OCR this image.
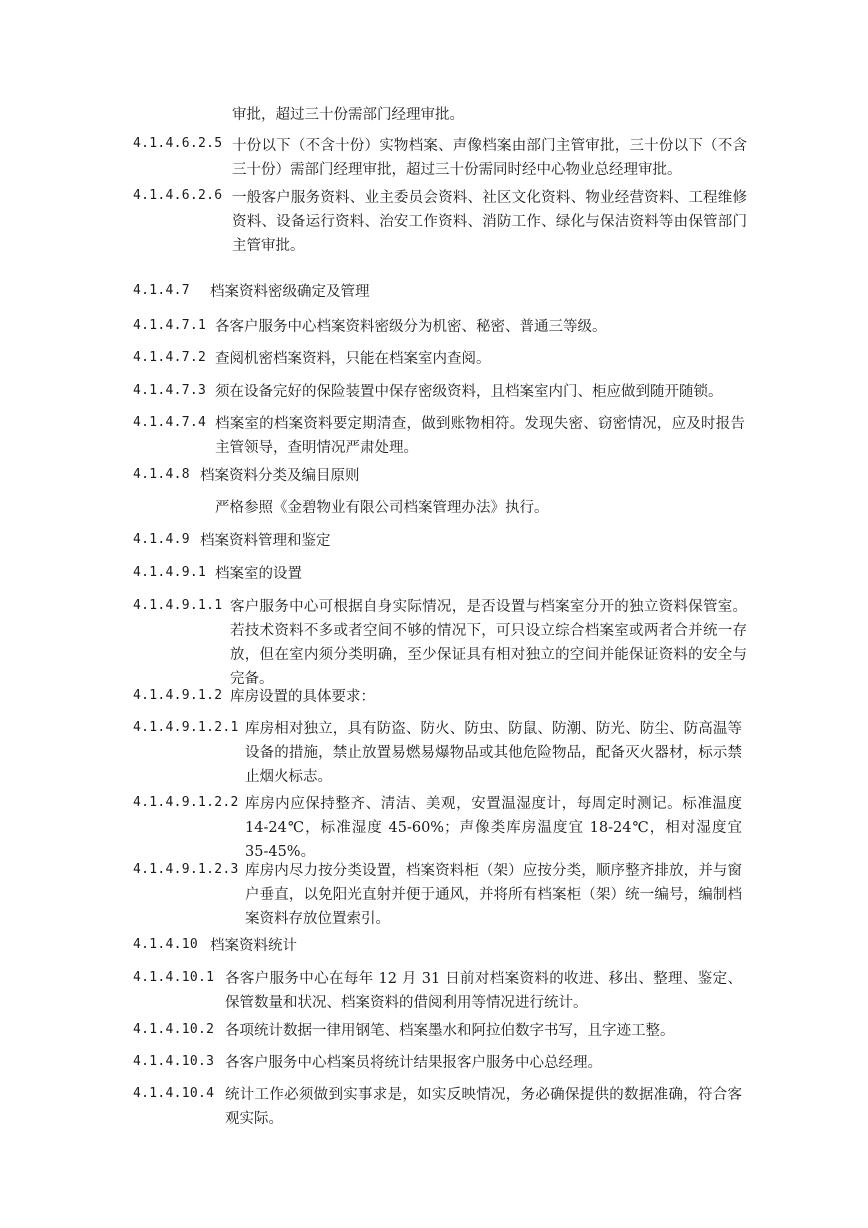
审批，超过三十份需部门经理审批。
4.1.4.6.2.5 十份以下（不含十份）实物档案、声像档案由部门主管审批，三十份以下（不含三十份）需部门经理审批，超过三十份需同时经中心物业总经理审批。
4.1.4.6.2.6 一般客户服务资料、业主委员会资料、社区文化资料、物业经营资料、工程维修资料、设备运行资料、治安工作资料、消防工作、绿化与保洁资料等由保管部门主管审批。
4.1.4.7 档案资料密级确定及管理
4.1.4.7.1 各客户服务中心档案资料密级分为机密、秘密、普通三等级。
4.1.4.7.2 查阅机密档案资料，只能在档案室内查阅。
4.1.4.7.3 须在设备完好的保险装置中保存密级资料，且档案室内门、柜应做到随开随锁。
4.1.4.7.4 档案室的档案资料要定期清查，做到账物相符。发现失密、窃密情况，应及时报告主管领导，查明情况严肃处理。
4.1.4.8 档案资料分类及编目原则
严格参照《金碧物业有限公司档案管理办法》执行。
4.1.4.9 档案资料管理和鉴定
4.1.4.9.1 档案室的设置
4.1.4.9.1.1 客户服务中心可根据自身实际情况，是否设置与档案室分开的独立资料保管室。若技术资料不多或者空间不够的情况下，可只设立综合档案室或两者合并统一存放，但在室内须分类明确，至少保证具有相对独立的空间并能保证资料的安全与完备。
4.1.4.9.1.2 库房设置的具体要求：
4.1.4.9.1.2.1 库房相对独立，具有防盗、防火、防虫、防鼠、防潮、防光、防尘、防高温等设备的措施，禁止放置易燃易爆物品或其他危险物品，配备灭火器材，标示禁止烟火标志。
4.1.4.9.1.2.2 库房内应保持整齐、清洁、美观，安置温湿度计，每周定时测记。标准温度 14-24℃，标准湿度 45-60%；声像类库房温度宜 18-24℃，相对湿度宜 35-45%。
4.1.4.9.1.2.3 库房内尽力按分类设置，档案资料柜（架）应按分类，顺序整齐排放，并与窗户垂直，以免阳光直射并便于通风，并将所有档案柜（架）统一编号，编制档案资料存放位置索引。
4.1.4.10 档案资料统计
4.1.4.10.1 各客户服务中心在每年 12 月 31 日前对档案资料的收进、移出、整理、鉴定、保管数量和状况、档案资料的借阅利用等情况进行统计。
4.1.4.10.2 各项统计数据一律用钢笔、档案墨水和阿拉伯数字书写，且字迹工整。
4.1.4.10.3 各客户服务中心档案员将统计结果报客户服务中心总经理。
4.1.4.10.4 统计工作必须做到实事求是，如实反映情况，务必确保提供的数据准确，符合客观实际。
